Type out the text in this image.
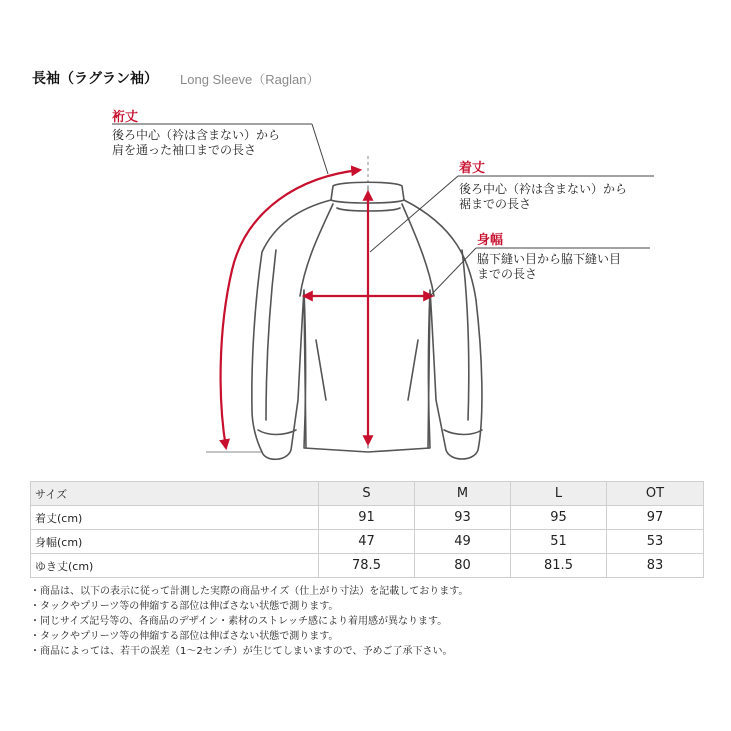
長袖（ラグラン袖） Long Sleeve（Raglan）
裄丈
後ろ中心（衿は含まない）から
肩を通った袖口までの長さ
着丈
後ろ中心（衿は含まない）から
裾までの長さ
身幅
脇下縫い目から脇下縫い目
までの長さ
サイズ	S	M	L	OT
着丈(cm)	91	93	95	97
身幅(cm)	47	49	51	53
ゆき丈(cm)	78.5	80	81.5	83
・商品は、以下の表示に従って計測した実際の商品サイズ（仕上がり寸法）を記載しております。
・タックやプリーツ等の伸縮する部位は伸ばさない状態で測ります。
・同じサイズ記号等の、各商品のデザイン・素材のストレッチ感により着用感が異なります。
・タックやプリーツ等の伸縮する部位は伸ばさない状態で測ります。
・商品によっては、若干の誤差（1〜2センチ）が生じてしまいますので、予めご了承下さい。
